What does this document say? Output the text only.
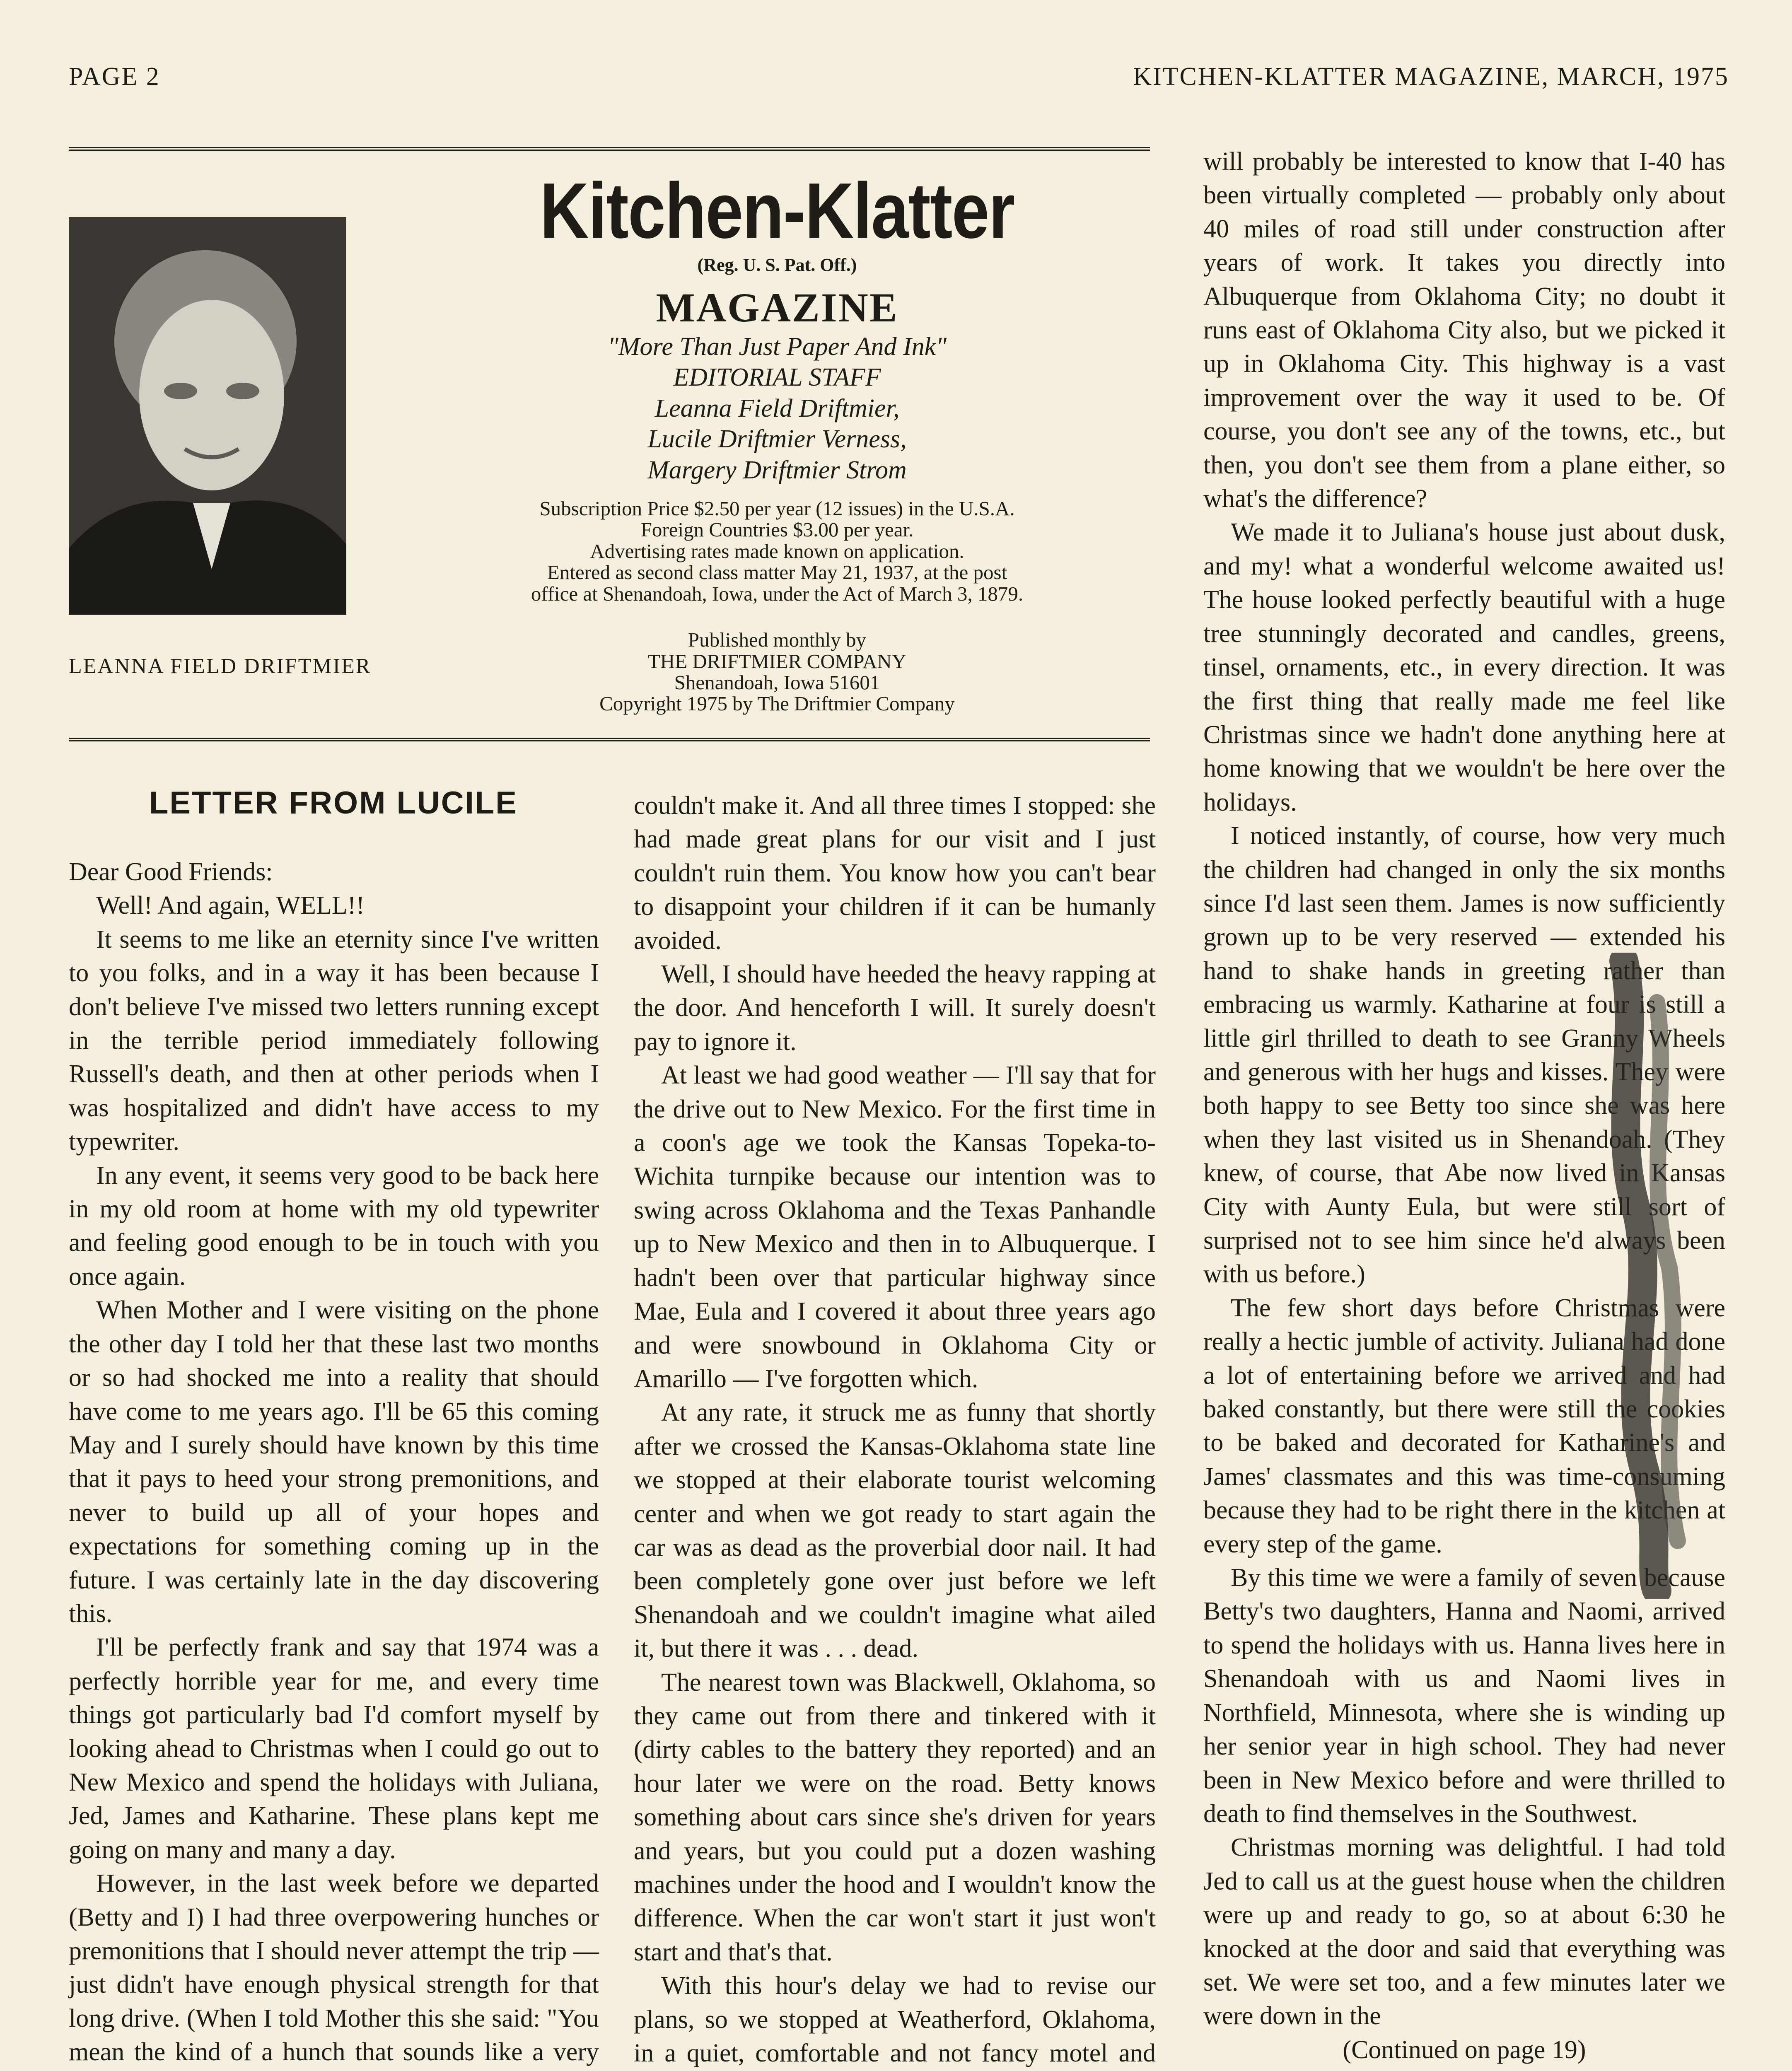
PAGE 2	KITCHEN-KLATTER MAGAZINE, MARCH, 1975
LEANNA FIELD DRIFTMIER
Kitchen-Klatter
(Reg. U. S. Pat. Off.)
MAGAZINE
"More Than Just Paper And Ink"
EDITORIAL STAFF
Leanna Field Driftmier,
Lucile Driftmier Verness,
Margery Driftmier Strom
Subscription Price $2.50 per year (12 issues) in the U.S.A.
Foreign Countries $3.00 per year.
Advertising rates made known on application.
Entered as second class matter May 21, 1937, at the post
office at Shenandoah, Iowa, under the Act of March 3, 1879.
Published monthly by
THE DRIFTMIER COMPANY
Shenandoah, Iowa 51601
Copyright 1975 by The Driftmier Company
LETTER FROM LUCILE

Dear Good Friends:

Well! And again, WELL!!

It seems to me like an eternity since I've written to you folks, and in a way it has been because I don't believe I've missed two letters running except in the terrible period immediately following Russell's death, and then at other periods when I was hospitalized and didn't have access to my typewriter.

In any event, it seems very good to be back here in my old room at home with my old typewriter and feeling good enough to be in touch with you once again.

When Mother and I were visiting on the phone the other day I told her that these last two months or so had shocked me into a reality that should have come to me years ago. I'll be 65 this coming May and I surely should have known by this time that it pays to heed your strong premonitions, and never to build up all of your hopes and expectations for something coming up in the future. I was certainly late in the day discovering this.

I'll be perfectly frank and say that 1974 was a perfectly horrible year for me, and every time things got particularly bad I'd comfort myself by looking ahead to Christmas when I could go out to New Mexico and spend the holidays with Juliana, Jed, James and Katharine. These plans kept me going on many and many a day.

However, in the last week before we departed (Betty and I) I had three overpowering hunches or premonitions that I should never attempt the trip — just didn't have enough physical strength for that long drive. (When I told Mother this she said: "You mean the kind of a hunch that sounds like a very

couldn't make it. And all three times I stopped: she had made great plans for our visit and I just couldn't ruin them. You know how you can't bear to disappoint your children if it can be humanly avoided.

Well, I should have heeded the heavy rapping at the door. And henceforth I will. It surely doesn't pay to ignore it.

At least we had good weather — I'll say that for the drive out to New Mexico. For the first time in a coon's age we took the Kansas Topeka-to-Wichita turnpike because our intention was to swing across Oklahoma and the Texas Panhandle up to New Mexico and then in to Albuquerque. I hadn't been over that particular highway since Mae, Eula and I covered it about three years ago and were snowbound in Oklahoma City or Amarillo — I've forgotten which.

At any rate, it struck me as funny that shortly after we crossed the Kansas-Oklahoma state line we stopped at their elaborate tourist welcoming center and when we got ready to start again the car was as dead as the proverbial door nail. It had been completely gone over just before we left Shenandoah and we couldn't imagine what ailed it, but there it was . . . dead.

The nearest town was Blackwell, Oklahoma, so they came out from there and tinkered with it (dirty cables to the battery they reported) and an hour later we were on the road. Betty knows something about cars since she's driven for years and years, but you could put a dozen washing machines under the hood and I wouldn't know the difference. When the car won't start it just won't start and that's that.

With this hour's delay we had to revise our plans, so we stopped at Weatherford, Oklahoma, in a quiet, comfortable and not fancy motel and

will probably be interested to know that I-40 has been virtually completed — probably only about 40 miles of road still under construction after years of work. It takes you directly into Albuquerque from Oklahoma City; no doubt it runs east of Oklahoma City also, but we picked it up in Oklahoma City. This highway is a vast improvement over the way it used to be. Of course, you don't see any of the towns, etc., but then, you don't see them from a plane either, so what's the difference?

We made it to Juliana's house just about dusk, and my! what a wonderful welcome awaited us! The house looked perfectly beautiful with a huge tree stunningly decorated and candles, greens, tinsel, ornaments, etc., in every direction. It was the first thing that really made me feel like Christmas since we hadn't done anything here at home knowing that we wouldn't be here over the holidays.

I noticed instantly, of course, how very much the children had changed in only the six months since I'd last seen them. James is now sufficiently grown up to be very reserved — extended his hand to shake hands in greeting rather than embracing us warmly. Katharine at four is still a little girl thrilled to death to see Granny Wheels and generous with her hugs and kisses. They were both happy to see Betty too since she was here when they last visited us in Shenandoah. (They knew, of course, that Abe now lived in Kansas City with Aunty Eula, but were still sort of surprised not to see him since he'd always been with us before.)

The few short days before Christmas were really a hectic jumble of activity. Juliana had done a lot of entertaining before we arrived and had baked constantly, but there were still the cookies to be baked and decorated for Katharine's and James' classmates and this was time-consuming because they had to be right there in the kitchen at every step of the game.

By this time we were a family of seven because Betty's two daughters, Hanna and Naomi, arrived to spend the holidays with us. Hanna lives here in Shenandoah with us and Naomi lives in Northfield, Minnesota, where she is winding up her senior year in high school. They had never been in New Mexico before and were thrilled to death to find themselves in the Southwest.

Christmas morning was delightful. I had told Jed to call us at the guest house when the children were up and ready to go, so at about 6:30 he knocked at the door and said that everything was set. We were set too, and a few minutes later we were down in the

(Continued on page 19)
